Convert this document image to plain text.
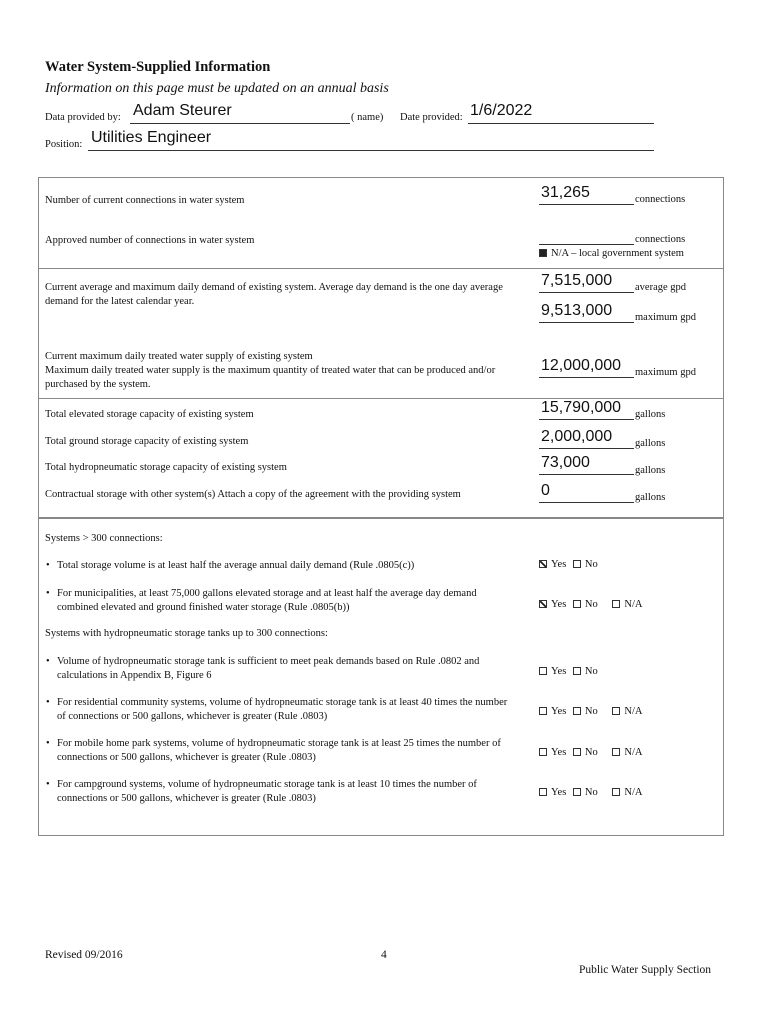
Water System-Supplied Information
Information on this page must be updated on an annual basis
Data provided by: Adam Steurer	( name) Date provided: 1/6/2022
Position: Utilities Engineer
Number of current connections in water system	31,265	connections
Approved number of connections in water system	connections
N/A – local government system
Current average and maximum daily demand of existing system. Average day demand is the one day average demand for the latest calendar year.
7,515,000 average gpd
9,513,000 maximum gpd
Current maximum daily treated water supply of existing system
Maximum daily treated water supply is the maximum quantity of treated water that can be produced and/or purchased by the system.
12,000,000 maximum gpd
Total elevated storage capacity of existing system	15,790,000 gallons
Total ground storage capacity of existing system	2,000,000 gallons
Total hydropneumatic storage capacity of existing system	73,000	gallons
Contractual storage with other system(s) Attach a copy of the agreement with the providing system	0	gallons
Systems > 300 connections:
• Total storage volume is at least half the average annual daily demand (Rule .0805(c))	Yes No
• For municipalities, at least 75,000 gallons elevated storage and at least half the average day demand combined elevated and ground finished water storage (Rule .0805(b))	Yes No	N/A
Systems with hydropneumatic storage tanks up to 300 connections:
• Volume of hydropneumatic storage tank is sufficient to meet peak demands based on Rule .0802 and calculations in Appendix B, Figure 6	Yes No
• For residential community systems, volume of hydropneumatic storage tank is at least 40 times the number of connections or 500 gallons, whichever is greater (Rule .0803)	Yes No	N/A
• For mobile home park systems, volume of hydropneumatic storage tank is at least 25 times the number of connections or 500 gallons, whichever is greater (Rule .0803)	Yes No	N/A
• For campground systems, volume of hydropneumatic storage tank is at least 10 times the number of connections or 500 gallons, whichever is greater (Rule .0803)	Yes No	N/A
Revised 09/2016	4
Public Water Supply Section
